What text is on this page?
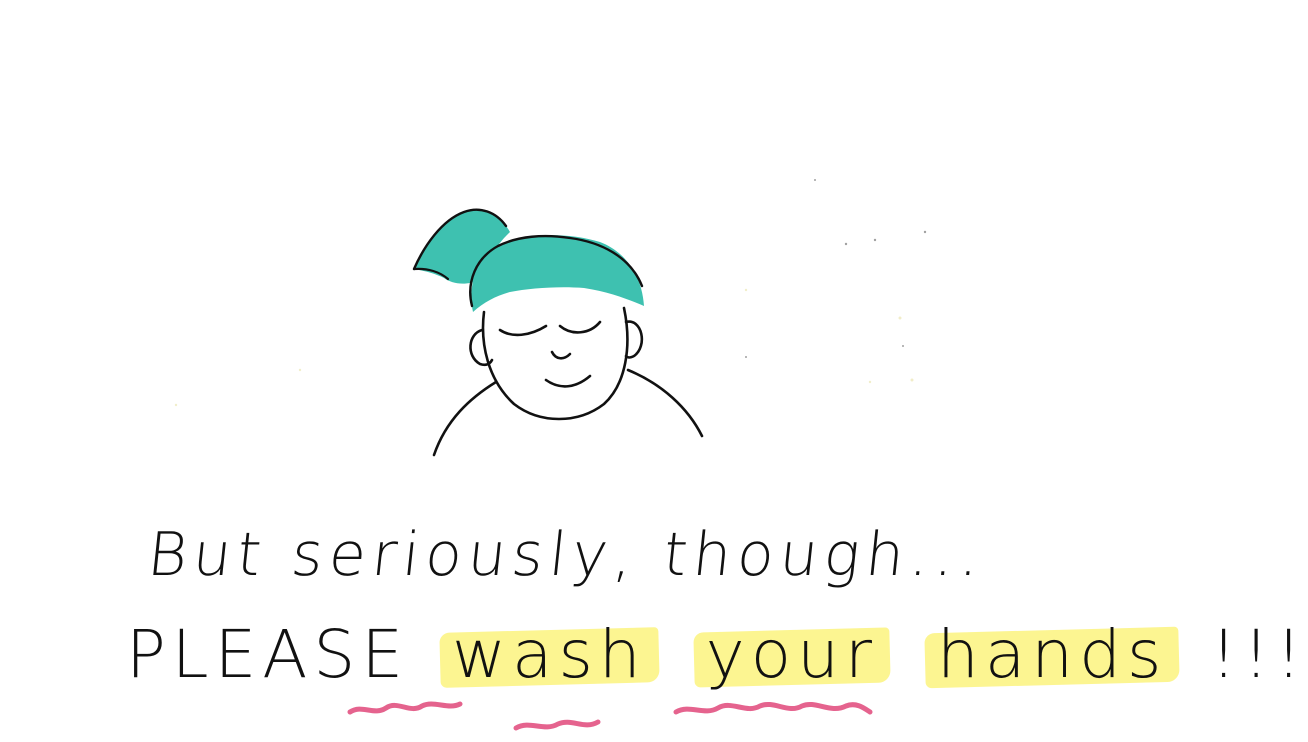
But seriously, though...
PLEASE wash your hands !!!
